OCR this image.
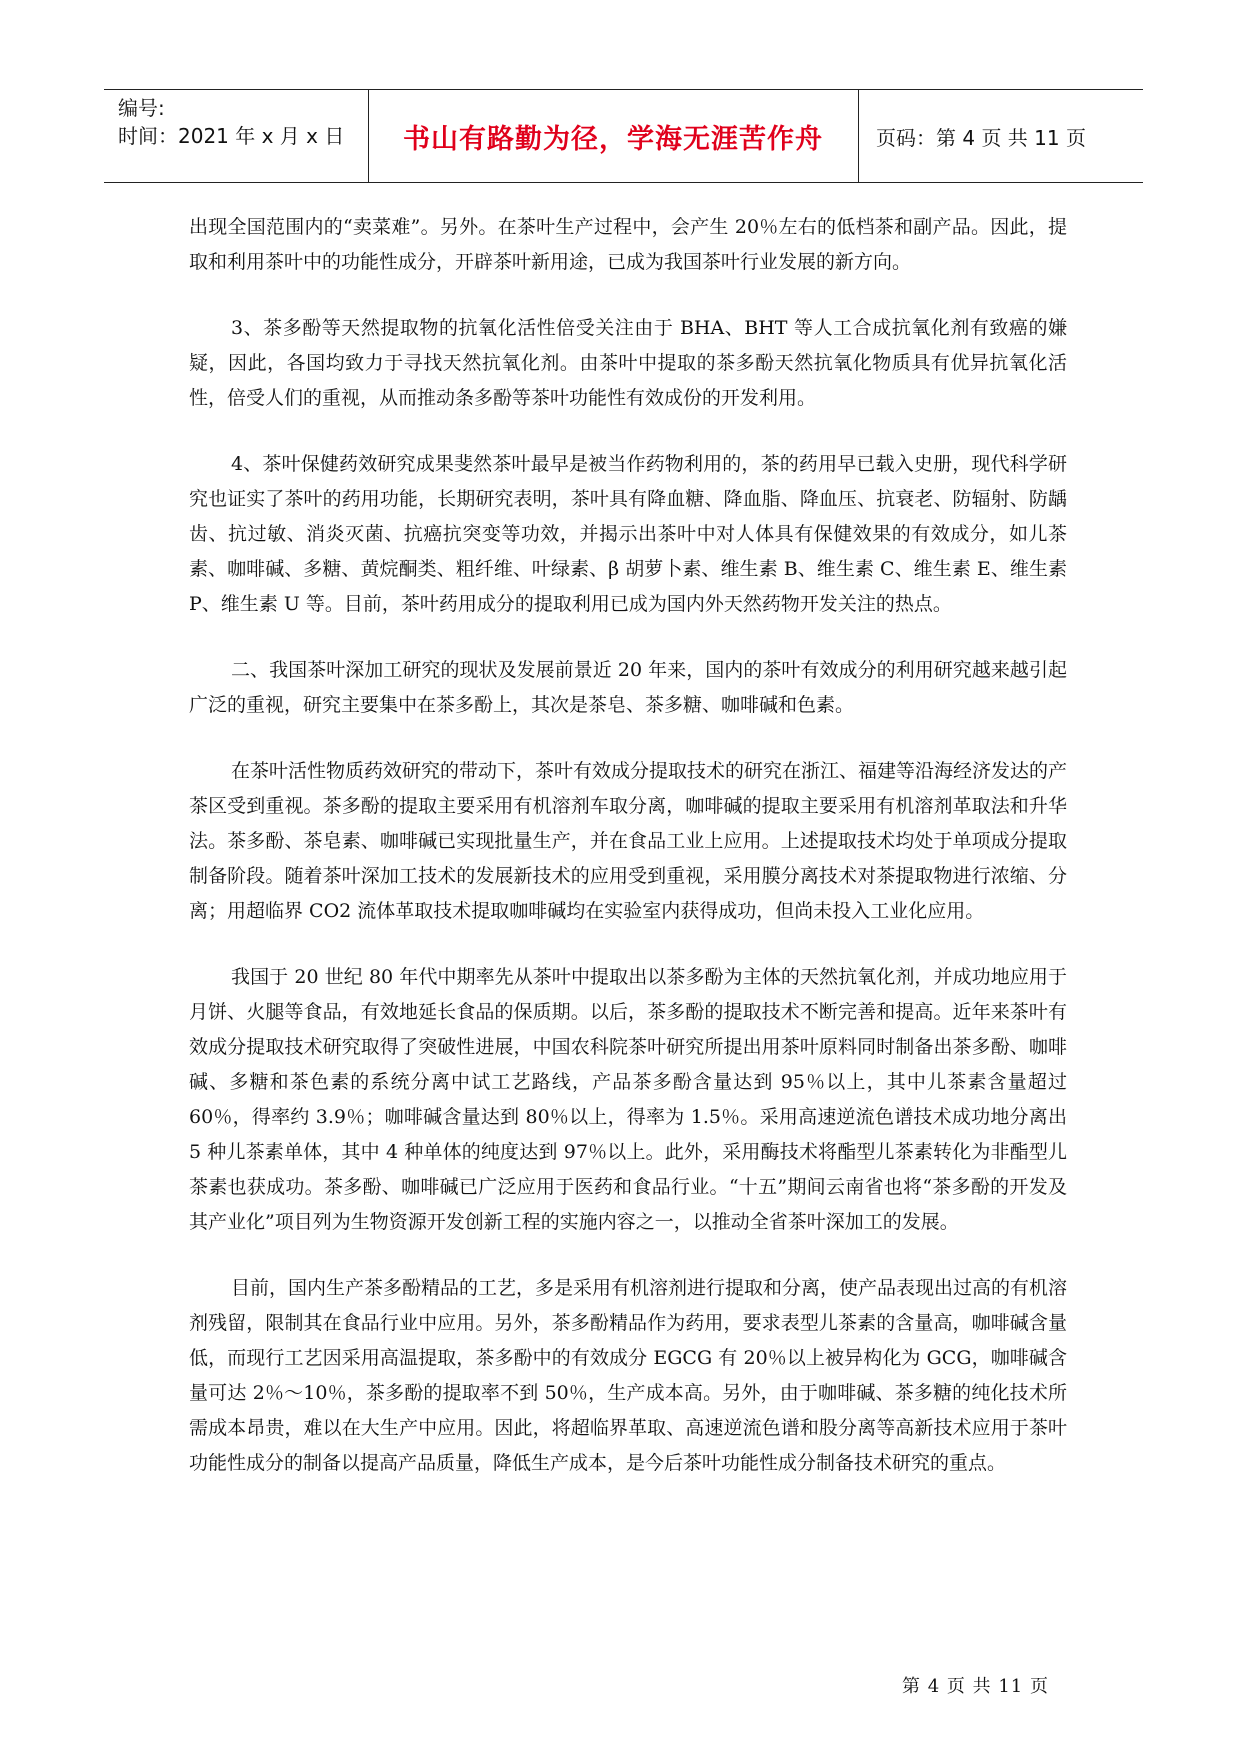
编号:
时间：2021 年 x 月 x 日	书山有路勤为径，学海无涯苦作舟	页码：第 4 页 共 11 页

出现全国范围内的“卖菜难”。另外。在茶叶生产过程中，会产生 20％左右的低档茶和副产品。因此，提取和利用茶叶中的功能性成分，开辟茶叶新用途，已成为我国茶叶行业发展的新方向。

3、茶多酚等天然提取物的抗氧化活性倍受关注由于 BHA、BHT 等人工合成抗氧化剂有致癌的嫌疑，因此，各国均致力于寻找天然抗氧化剂。由茶叶中提取的茶多酚天然抗氧化物质具有优异抗氧化活性，倍受人们的重视，从而推动条多酚等茶叶功能性有效成份的开发利用。

4、茶叶保健药效研究成果斐然茶叶最早是被当作药物利用的，茶的药用早已载入史册，现代科学研究也证实了茶叶的药用功能，长期研究表明，茶叶具有降血糖、降血脂、降血压、抗衰老、防辐射、防龋齿、抗过敏、消炎灭菌、抗癌抗突变等功效，并揭示出茶叶中对人体具有保健效果的有效成分，如儿茶素、咖啡碱、多糖、黄烷酮类、粗纤维、叶绿素、β 胡萝卜素、维生素 B、维生素 C、维生素 E、维生素 P、维生素 U 等。目前，茶叶药用成分的提取利用已成为国内外天然药物开发关注的热点。

二、我国茶叶深加工研究的现状及发展前景近 20 年来，国内的茶叶有效成分的利用研究越来越引起广泛的重视，研究主要集中在茶多酚上，其次是茶皂、茶多糖、咖啡碱和色素。

在茶叶活性物质药效研究的带动下，茶叶有效成分提取技术的研究在浙江、福建等沿海经济发达的产茶区受到重视。茶多酚的提取主要采用有机溶剂车取分离，咖啡碱的提取主要采用有机溶剂革取法和升华法。茶多酚、茶皂素、咖啡碱已实现批量生产，并在食品工业上应用。上述提取技术均处于单项成分提取制备阶段。随着茶叶深加工技术的发展新技术的应用受到重视，采用膜分离技术对茶提取物进行浓缩、分离；用超临界 CO2 流体革取技术提取咖啡碱均在实验室内获得成功，但尚未投入工业化应用。

我国于 20 世纪 80 年代中期率先从茶叶中提取出以茶多酚为主体的天然抗氧化剂，并成功地应用于月饼、火腿等食品，有效地延长食品的保质期。以后，茶多酚的提取技术不断完善和提高。近年来茶叶有效成分提取技术研究取得了突破性进展，中国农科院茶叶研究所提出用茶叶原料同时制备出茶多酚、咖啡碱、多糖和茶色素的系统分离中试工艺路线，产品茶多酚含量达到 95％以上，其中儿茶素含量超过 60％，得率约 3.9％；咖啡碱含量达到 80％以上，得率为 1.5％。采用高速逆流色谱技术成功地分离出 5 种儿茶素单体，其中 4 种单体的纯度达到 97％以上。此外，采用酶技术将酯型儿茶素转化为非酯型儿茶素也获成功。茶多酚、咖啡碱已广泛应用于医药和食品行业。“十五”期间云南省也将“茶多酚的开发及其产业化”项目列为生物资源开发创新工程的实施内容之一，以推动全省茶叶深加工的发展。

目前，国内生产茶多酚精品的工艺，多是采用有机溶剂进行提取和分离，使产品表现出过高的有机溶剂残留，限制其在食品行业中应用。另外，茶多酚精品作为药用，要求表型儿茶素的含量高，咖啡碱含量低，而现行工艺因采用高温提取，茶多酚中的有效成分 EGCG 有 20％以上被异构化为 GCG，咖啡碱含量可达 2％～10％，茶多酚的提取率不到 50％，生产成本高。另外，由于咖啡碱、茶多糖的纯化技术所需成本昂贵，难以在大生产中应用。因此，将超临界革取、高速逆流色谱和股分离等高新技术应用于茶叶功能性成分的制备以提高产品质量，降低生产成本，是今后茶叶功能性成分制备技术研究的重点。

第 4 页 共 11 页
